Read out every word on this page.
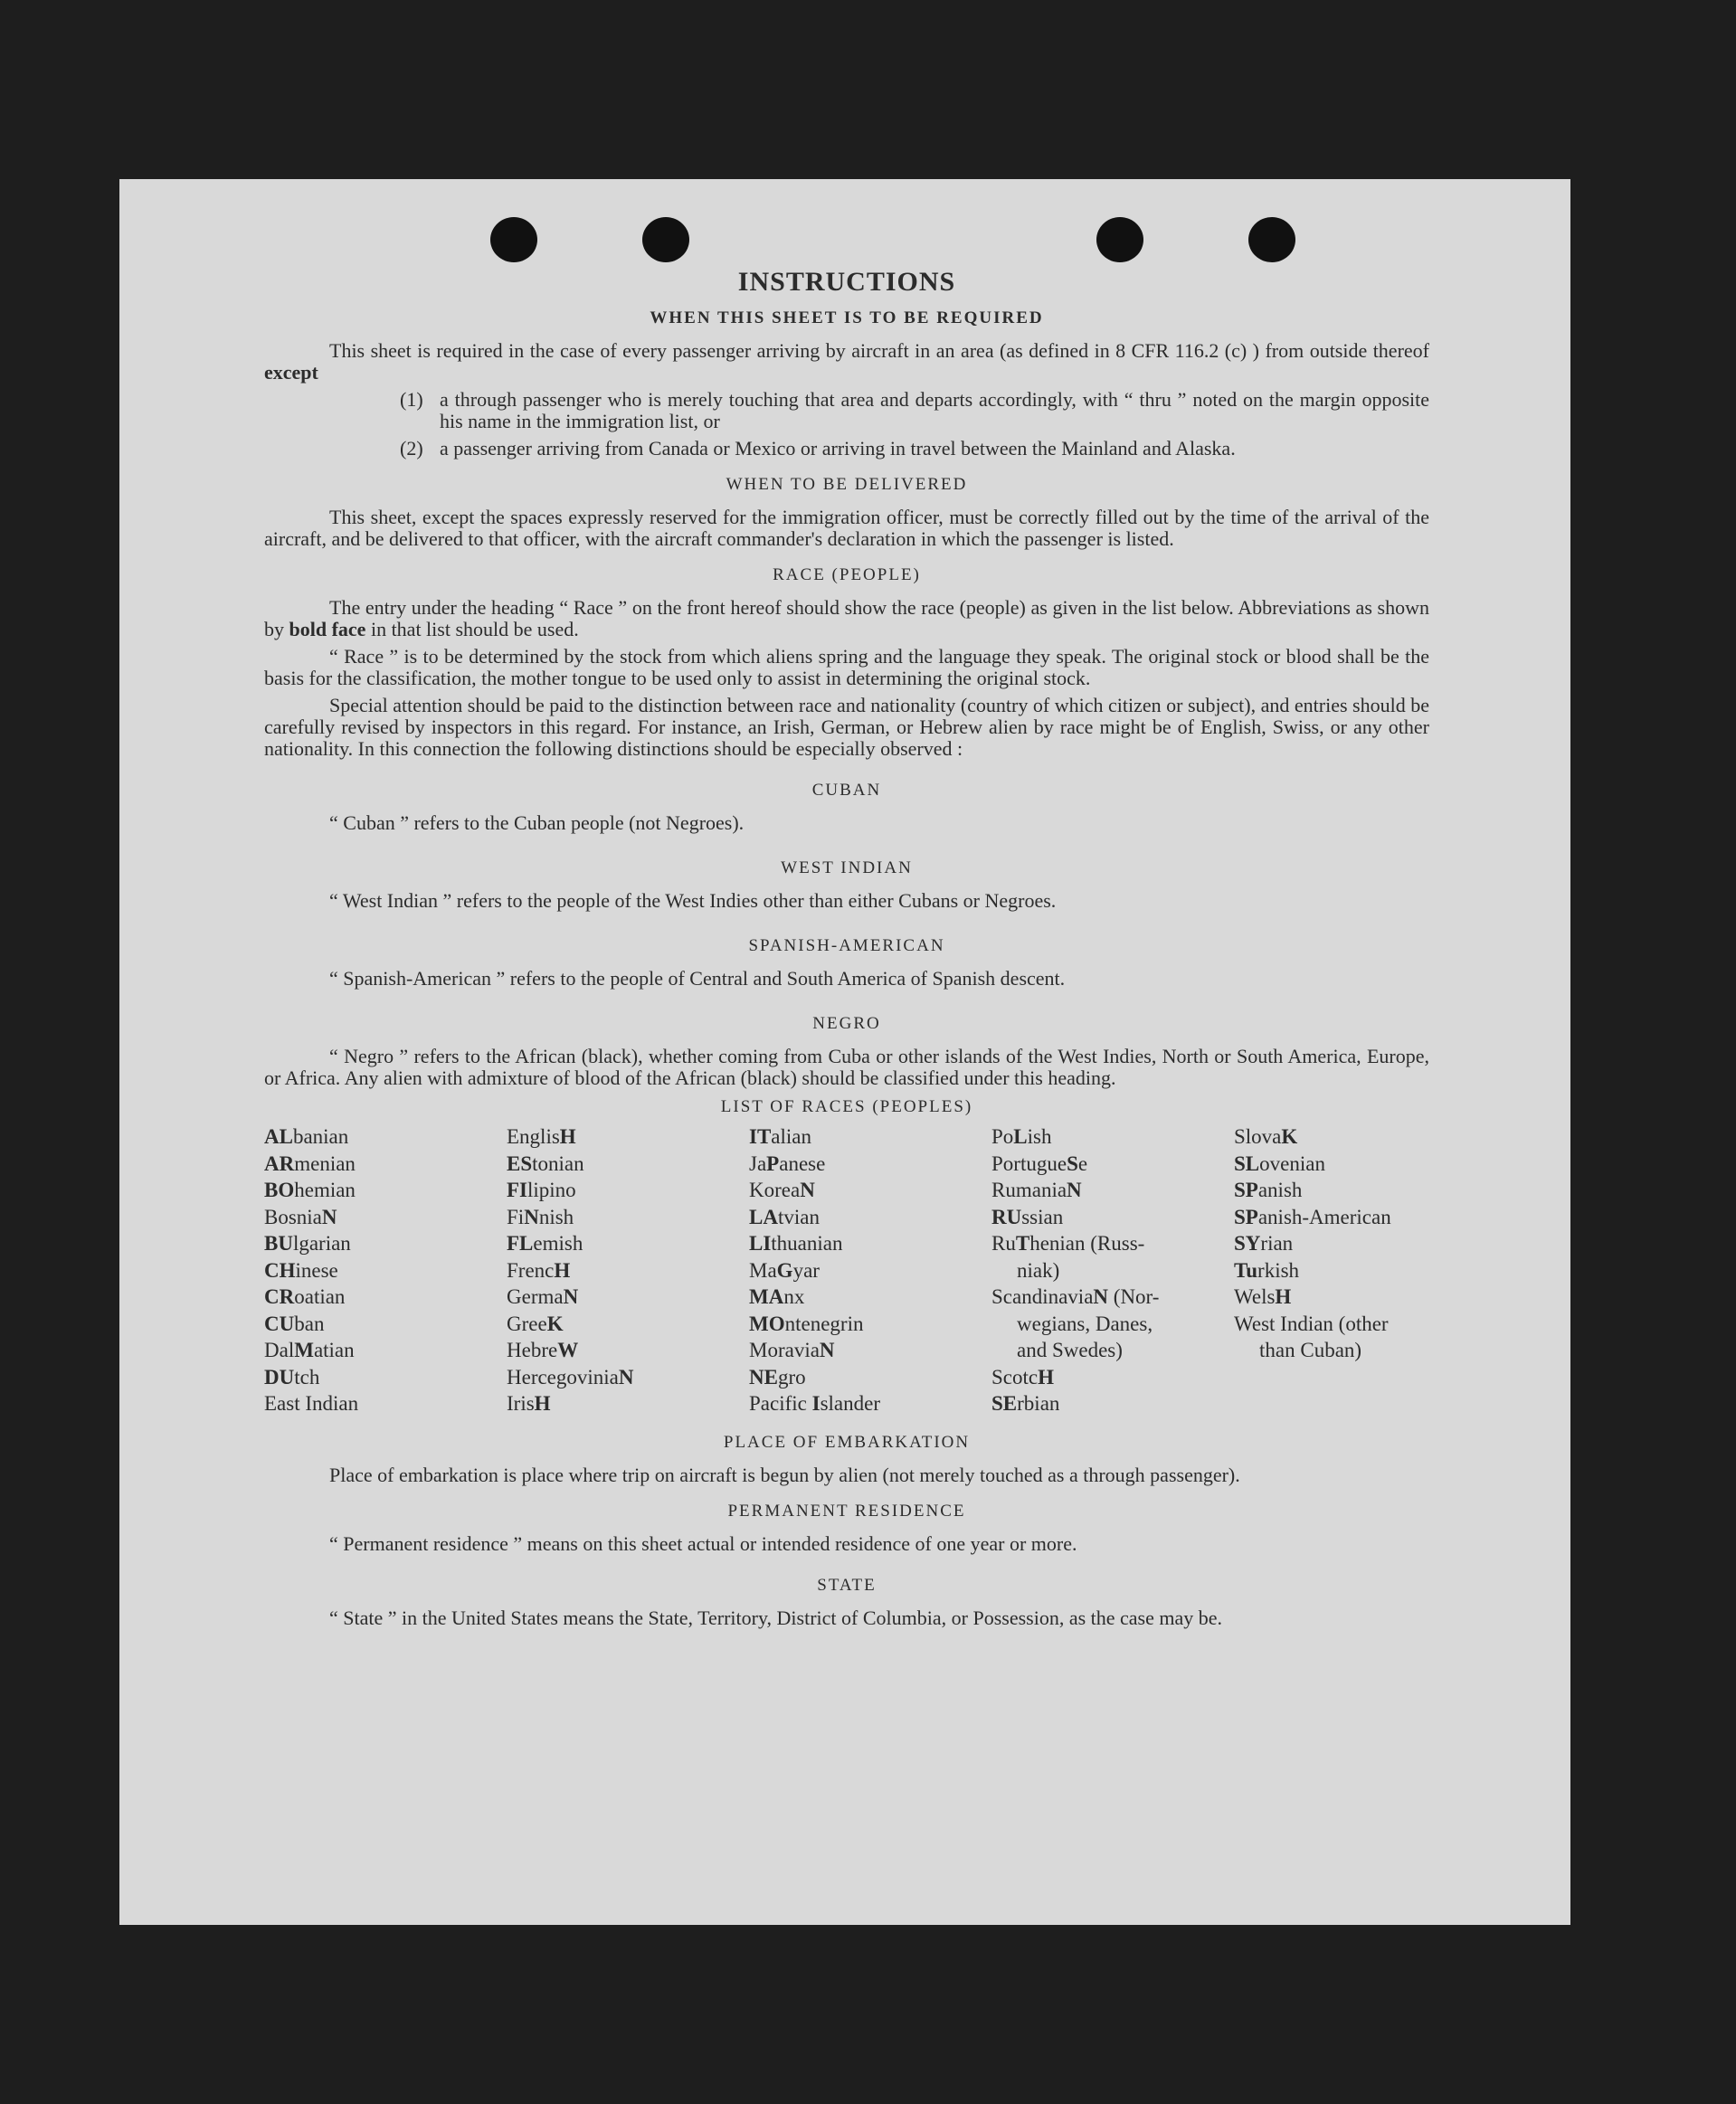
INSTRUCTIONS
WHEN THIS SHEET IS TO BE REQUIRED

This sheet is required in the case of every passenger arriving by aircraft in an area (as defined in 8 CFR 116.2 (c) ) from outside thereof except

(1) a through passenger who is merely touching that area and departs accordingly, with “ thru ” noted on the margin opposite his name in the immigration list, or
(2) a passenger arriving from Canada or Mexico or arriving in travel between the Mainland and Alaska.
WHEN TO BE DELIVERED

This sheet, except the spaces expressly reserved for the immigration officer, must be correctly filled out by the time of the arrival of the aircraft, and be delivered to that officer, with the aircraft commander's declaration in which the passenger is listed.

RACE (PEOPLE)

The entry under the heading “ Race ” on the front hereof should show the race (people) as given in the list below. Abbreviations as shown by bold face in that list should be used.

“ Race ” is to be determined by the stock from which aliens spring and the language they speak. The original stock or blood shall be the basis for the classification, the mother tongue to be used only to assist in determining the original stock.

Special attention should be paid to the distinction between race and nationality (country of which citizen or subject), and entries should be carefully revised by inspectors in this regard. For instance, an Irish, German, or Hebrew alien by race might be of English, Swiss, or any other nationality. In this connection the following distinctions should be especially observed :

CUBAN

“ Cuban ” refers to the Cuban people (not Negroes).

WEST INDIAN

“ West Indian ” refers to the people of the West Indies other than either Cubans or Negroes.

SPANISH-AMERICAN

“ Spanish-American ” refers to the people of Central and South America of Spanish descent.

NEGRO

“ Negro ” refers to the African (black), whether coming from Cuba or other islands of the West Indies, North or South America, Europe, or Africa. Any alien with admixture of blood of the African (black) should be classified under this heading.

LIST OF RACES (PEOPLES)
ALbanian
ARmenian
BOhemian
BosniaN
BUlgarian
CHinese
CRoatian
CUban
DalMatian
DUtch
East Indian
EnglisH
EStonian
FIlipino
FiNnish
FLemish
FrencH
GermaN
GreeK
HebreW
HercegoviniaN
IrisH
ITalian
JaPanese
KoreaN
LAtvian
LIthuanian
MaGyar
MAnx
MOntenegrin
MoraviaN
NEgro
Pacific Islander
PoLish
PortugueSe
RumaniaN
RUssian
RuThenian (Russ-
niak)
ScandinaviaN (Nor-
wegians, Danes,
and Swedes)
ScotcH
SErbian
SlovaK
SLovenian
SPanish
SPanish-American
SYrian
Turkish
WelsH
West Indian (other
than Cuban)
PLACE OF EMBARKATION

Place of embarkation is place where trip on aircraft is begun by alien (not merely touched as a through passenger).

PERMANENT RESIDENCE

“ Permanent residence ” means on this sheet actual or intended residence of one year or more.

STATE

“ State ” in the United States means the State, Territory, District of Columbia, or Possession, as the case may be.
